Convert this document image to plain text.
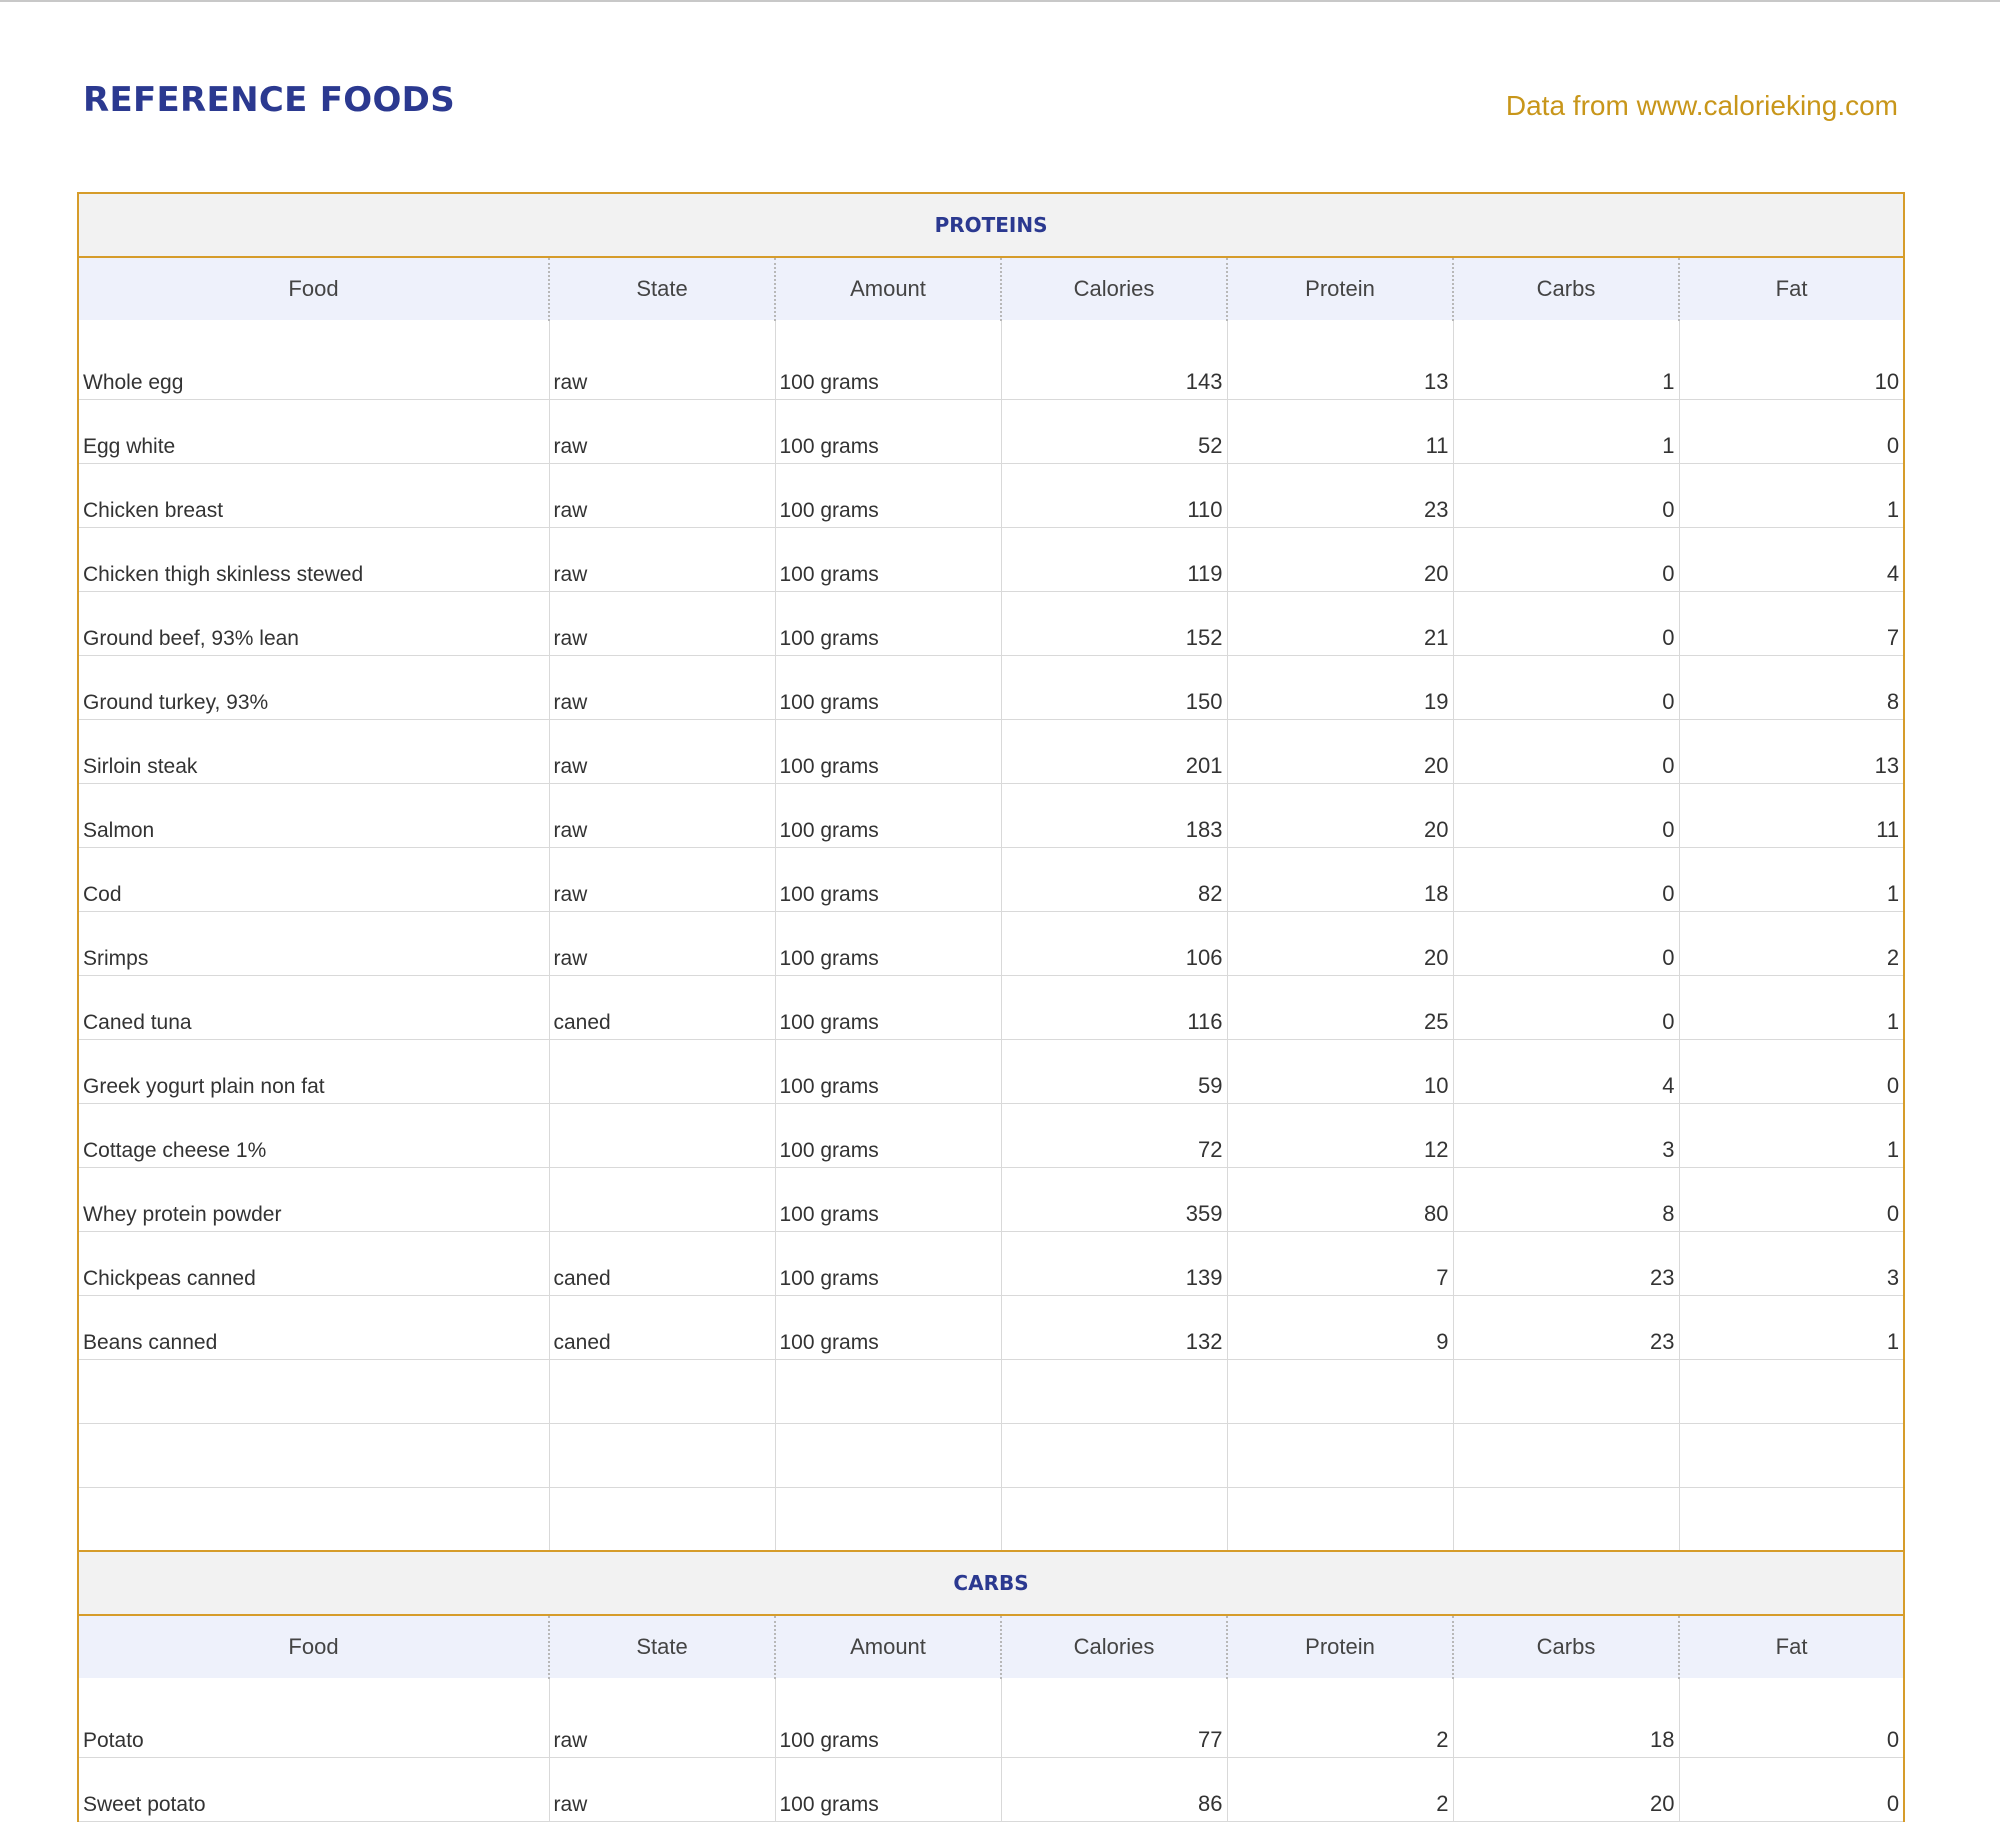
REFERENCE FOODS	Data from www.calorieking.com
PROTEINS						
Food	State	Amount	Calories	Protein	Carbs	Fat

Whole egg	raw	100 grams	143	13	1	10
Egg white	raw	100 grams	52	11	1	0
Chicken breast	raw	100 grams	110	23	0	1
Chicken thigh skinless stewed	raw	100 grams	119	20	0	4
Ground beef, 93% lean	raw	100 grams	152	21	0	7
Ground turkey, 93%	raw	100 grams	150	19	0	8
Sirloin steak	raw	100 grams	201	20	0	13
Salmon	raw	100 grams	183	20	0	11
Cod	raw	100 grams	82	18	0	1
Srimps	raw	100 grams	106	20	0	2
Caned tuna	caned	100 grams	116	25	0	1
Greek yogurt plain non fat		100 grams	59	10	4	0
Cottage cheese 1%		100 grams	72	12	3	1
Whey protein powder		100 grams	359	80	8	0
Chickpeas canned	caned	100 grams	139	7	23	3
Beans canned	caned	100 grams	132	9	23	1

CARBS						
Food	State	Amount	Calories	Protein	Carbs	Fat

Potato	raw	100 grams	77	2	18	0
Sweet potato	raw	100 grams	86	2	20	0
